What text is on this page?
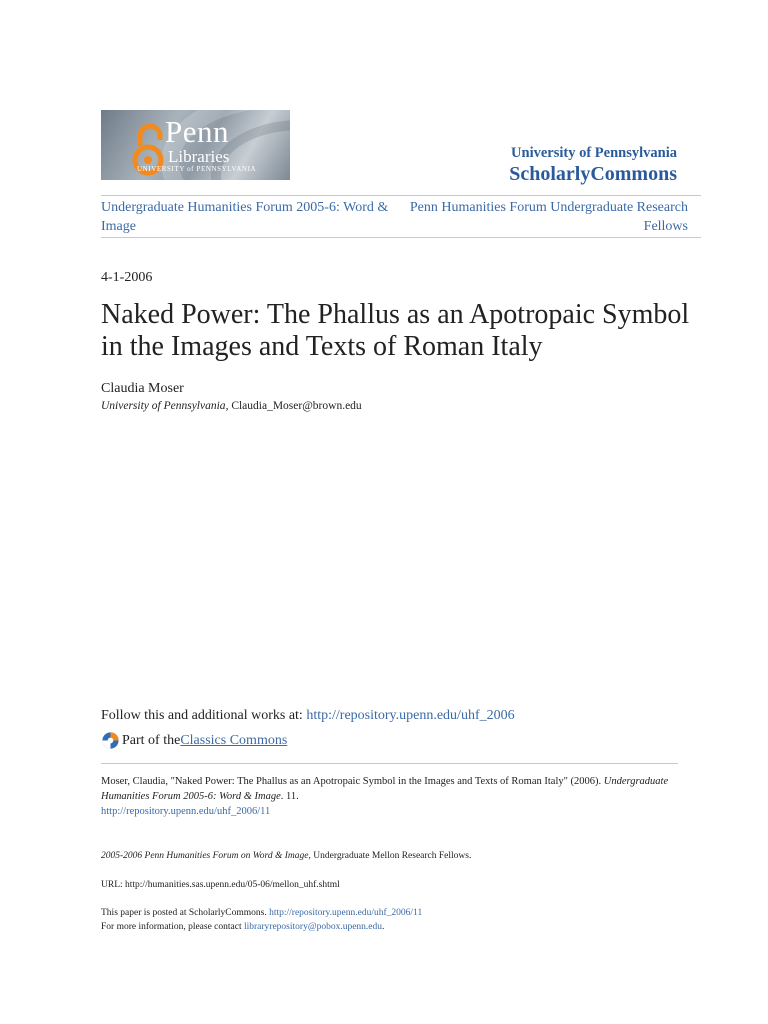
Penn
Libraries
UNIVERSITY of PENNSYLVANIA
University of Pennsylvania
ScholarlyCommons
Undergraduate Humanities Forum 2005-6: Word & Image
Penn Humanities Forum Undergraduate Research Fellows
4-1-2006
Naked Power: The Phallus as an Apotropaic Symbol in the Images and Texts of Roman Italy
Claudia Moser
University of Pennsylvania, Claudia_Moser@brown.edu
Follow this and additional works at: http://repository.upenn.edu/uhf_2006
Part of the Classics Commons
Moser, Claudia, "Naked Power: The Phallus as an Apotropaic Symbol in the Images and Texts of Roman Italy" (2006). Undergraduate Humanities Forum 2005-6: Word & Image. 11.
http://repository.upenn.edu/uhf_2006/11
2005-2006 Penn Humanities Forum on Word & Image, Undergraduate Mellon Research Fellows.
URL: http://humanities.sas.upenn.edu/05-06/mellon_uhf.shtml
This paper is posted at ScholarlyCommons. http://repository.upenn.edu/uhf_2006/11
For more information, please contact libraryrepository@pobox.upenn.edu.
